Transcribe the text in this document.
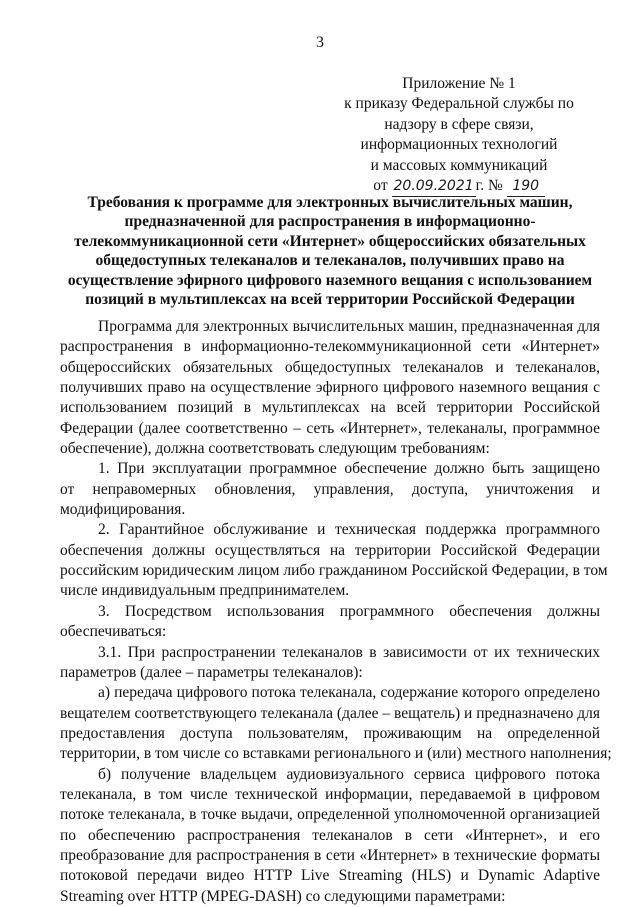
3
Приложение № 1
к приказу Федеральной службы по
надзору в сфере связи,
информационных технологий
и массовых коммуникаций
от 20.09.2021 г. № 190
Требования к программе для электронных вычислительных машин,
предназначенной для распространения в информационно-
телекоммуникационной сети «Интернет» общероссийских обязательных
общедоступных телеканалов и телеканалов, получивших право на
осуществление эфирного цифрового наземного вещания с использованием
позиций в мультиплексах на всей территории Российской Федерации
Программа для электронных вычислительных машин, предназначенная для
распространения в информационно-телекоммуникационной сети «Интернет»
общероссийских обязательных общедоступных телеканалов и телеканалов,
получивших право на осуществление эфирного цифрового наземного вещания с
использованием позиций в мультиплексах на всей территории Российской
Федерации (далее соответственно – сеть «Интернет», телеканалы, программное
обеспечение), должна соответствовать следующим требованиям:
1. При эксплуатации программное обеспечение должно быть защищено
от неправомерных обновления, управления, доступа, уничтожения и
модифицирования.
2. Гарантийное обслуживание и техническая поддержка программного
обеспечения должны осуществляться на территории Российской Федерации
российским юридическим лицом либо гражданином Российской Федерации, в том
числе индивидуальным предпринимателем.
3. Посредством использования программного обеспечения должны
обеспечиваться:
3.1. При распространении телеканалов в зависимости от их технических
параметров (далее – параметры телеканалов):
а) передача цифрового потока телеканала, содержание которого определено
вещателем соответствующего телеканала (далее – вещатель) и предназначено для
предоставления доступа пользователям, проживающим на определенной
территории, в том числе со вставками регионального и (или) местного наполнения;
б) получение владельцем аудиовизуального сервиса цифрового потока
телеканала, в том числе технической информации, передаваемой в цифровом
потоке телеканала, в точке выдачи, определенной уполномоченной организацией
по обеспечению распространения телеканалов в сети «Интернет», и его
преобразование для распространения в сети «Интернет» в технические форматы
потоковой передачи видео HTTP Live Streaming (HLS) и Dynamic Adaptive
Streaming over HTTP (MPEG-DASH) со следующими параметрами:
